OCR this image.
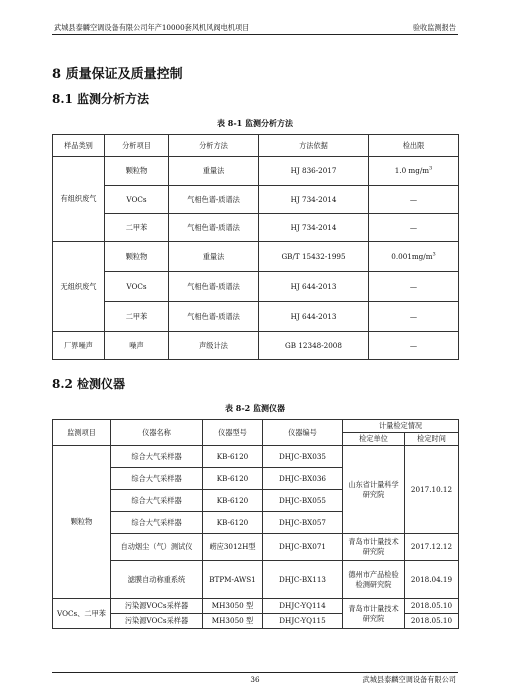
武城县泰麟空调设备有限公司年产10000套风机风阀电机项目	验收监测报告
8 质量保证及质量控制
8.1 监测分析方法
表 8-1 监测分析方法
样品类别	分析项目	分析方法	方法依据	检出限
有组织废气	颗粒物	重量法	HJ 836-2017	1.0 $mg/m^3$
	VOCs	气相色谱-质谱法	HJ 734-2014	—
	二甲苯	气相色谱-质谱法	HJ 734-2014	—
无组织废气	颗粒物	重量法	GB/T 15432-1995	$0.001mg/m^3$
	VOCs	气相色谱-质谱法	HJ 644-2013	—
	二甲苯	气相色谱-质谱法	HJ 644-2013	—
厂界噪声	噪声	声级计法	GB 12348-2008	—
8.2 检测仪器
表 8-2 监测仪器
监测项目	仪器名称	仪器型号	仪器编号	计量检定情况	
				检定单位	检定时间
颗粒物	综合大气采样器	KB-6120	DHJC-BX035	山东省计量科学研究院	2017.10.12
	综合大气采样器	KB-6120	DHJC-BX036		
	综合大气采样器	KB-6120	DHJC-BX055		
	综合大气采样器	KB-6120	DHJC-BX057		
	自动烟尘（气）测试仪	崂应3012H型	DHJC-BX071	青岛市计量技术研究院	2017.12.12
	滤膜自动称重系统	BTPM-AWS1	DHJC-BX113	德州市产品检验检测研究院	2018.04.19
VOCs、二甲苯	污染源VOCs采样器	MH3050 型	DHJC-YQ114	青岛市计量技术研究院	2018.05.10
	污染源VOCs采样器	MH3050 型	DHJC-YQ115		2018.05.10
36	武城县泰麟空调设备有限公司
